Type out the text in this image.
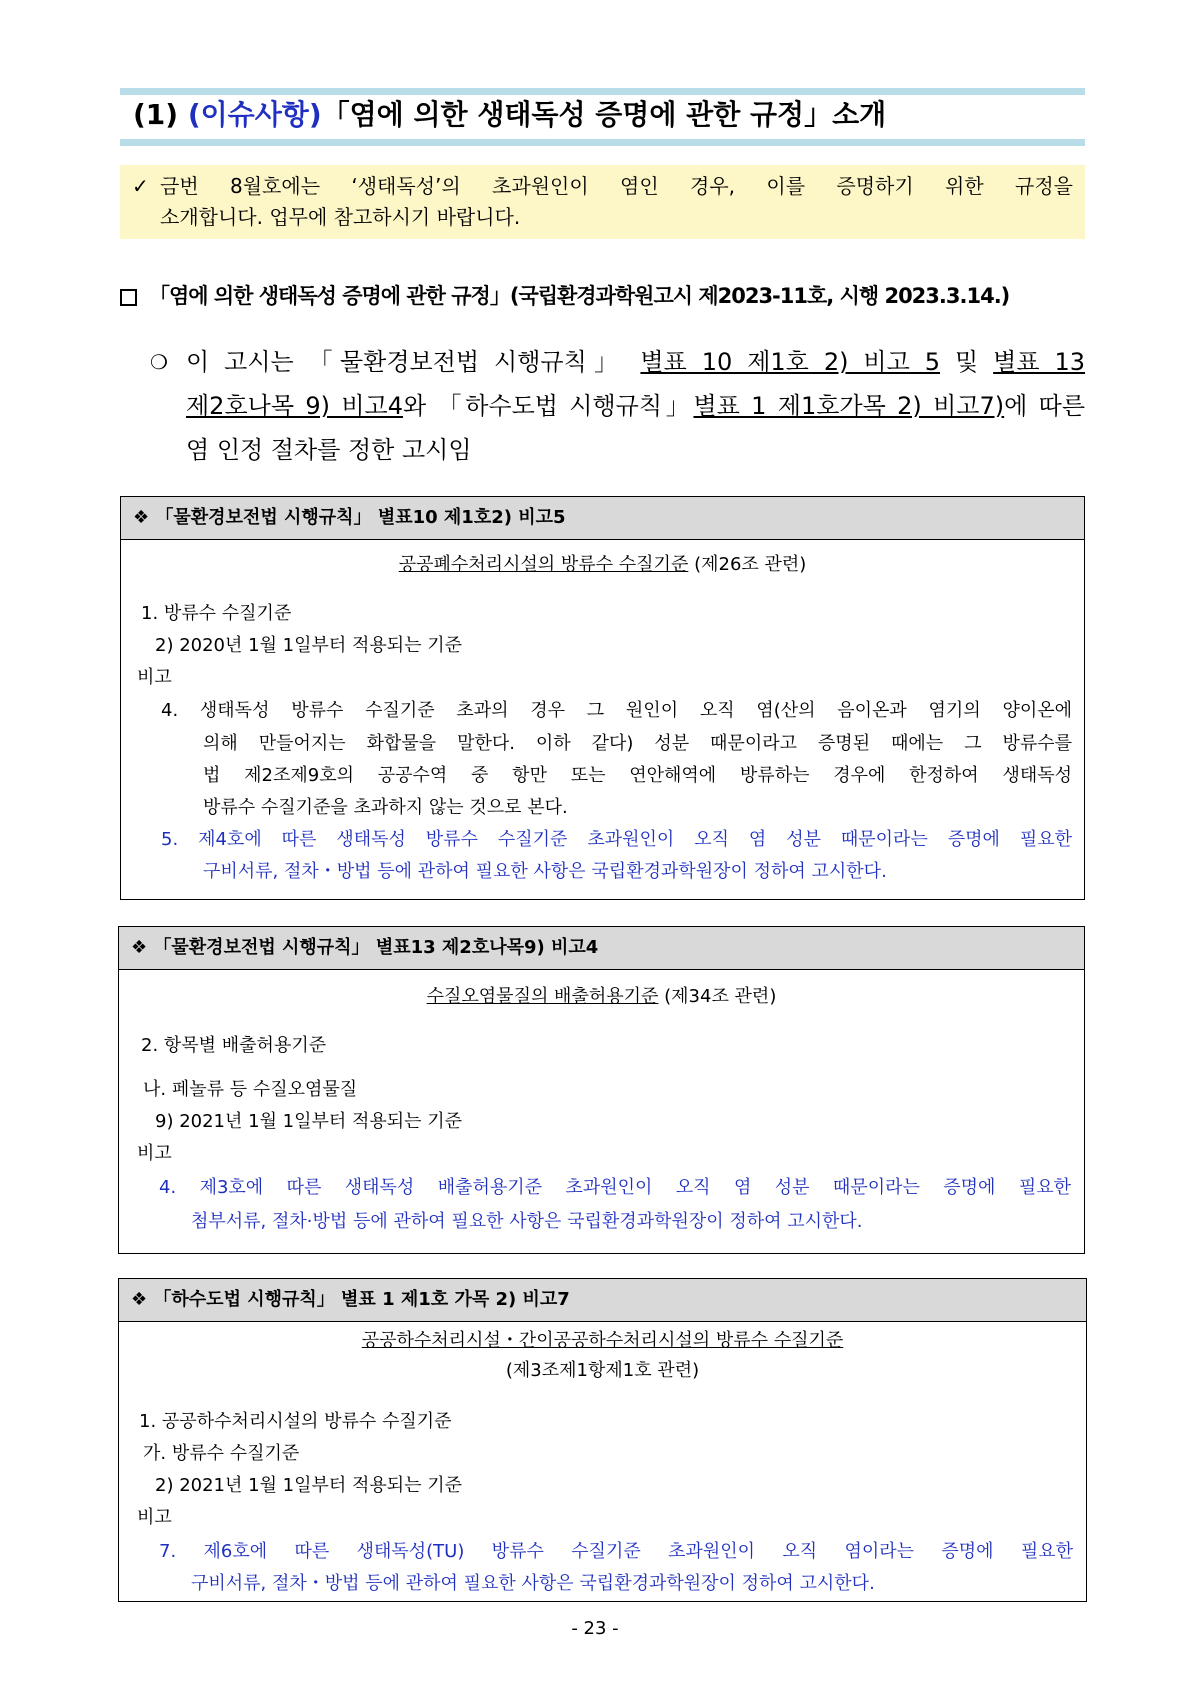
(1) (이슈사항)「염에 의한 생태독성 증명에 관한 규정」소개
✓ 금번 8월호에는 ‘생태독성’의 초과원인이 염인 경우, 이를 증명하기 위한 규정을
소개합니다. 업무에 참고하시기 바랍니다.
「염에 의한 생태독성 증명에 관한 규정」(국립환경과학원고시 제2023-11호, 시행 2023.3.14.)
❍ 이 고시는 「물환경보전법 시행규칙」 별표 10 제1호 2) 비고 5 및 별표 13
제2호나목 9) 비고4와 「하수도법 시행규칙」별표 1 제1호가목 2) 비고7)에 따른
염 인정 절차를 정한 고시임
❖ 「물환경보전법 시행규칙」 별표10 제1호2) 비고5
공공폐수처리시설의 방류수 수질기준 (제26조 관련)
1. 방류수 수질기준
2) 2020년 1월 1일부터 적용되는 기준
비고
4. 생태독성 방류수 수질기준 초과의 경우 그 원인이 오직 염(산의 음이온과 염기의 양이온에
의해 만들어지는 화합물을 말한다. 이하 같다) 성분 때문이라고 증명된 때에는 그 방류수를
법 제2조제9호의 공공수역 중 항만 또는 연안해역에 방류하는 경우에 한정하여 생태독성
방류수 수질기준을 초과하지 않는 것으로 본다.
5. 제4호에 따른 생태독성 방류수 수질기준 초과원인이 오직 염 성분 때문이라는 증명에 필요한
구비서류, 절차・방법 등에 관하여 필요한 사항은 국립환경과학원장이 정하여 고시한다.
❖ 「물환경보전법 시행규칙」 별표13 제2호나목9) 비고4
수질오염물질의 배출허용기준 (제34조 관련)
2. 항목별 배출허용기준
나. 페놀류 등 수질오염물질
9) 2021년 1월 1일부터 적용되는 기준
비고
4. 제3호에 따른 생태독성 배출허용기준 초과원인이 오직 염 성분 때문이라는 증명에 필요한
첨부서류, 절차·방법 등에 관하여 필요한 사항은 국립환경과학원장이 정하여 고시한다.
❖ 「하수도법 시행규칙」 별표 1 제1호 가목 2) 비고7
공공하수처리시설・간이공공하수처리시설의 방류수 수질기준
(제3조제1항제1호 관련)
1. 공공하수처리시설의 방류수 수질기준
가. 방류수 수질기준
2) 2021년 1월 1일부터 적용되는 기준
비고
7. 제6호에 따른 생태독성(TU) 방류수 수질기준 초과원인이 오직 염이라는 증명에 필요한
구비서류, 절차・방법 등에 관하여 필요한 사항은 국립환경과학원장이 정하여 고시한다.
- 23 -
